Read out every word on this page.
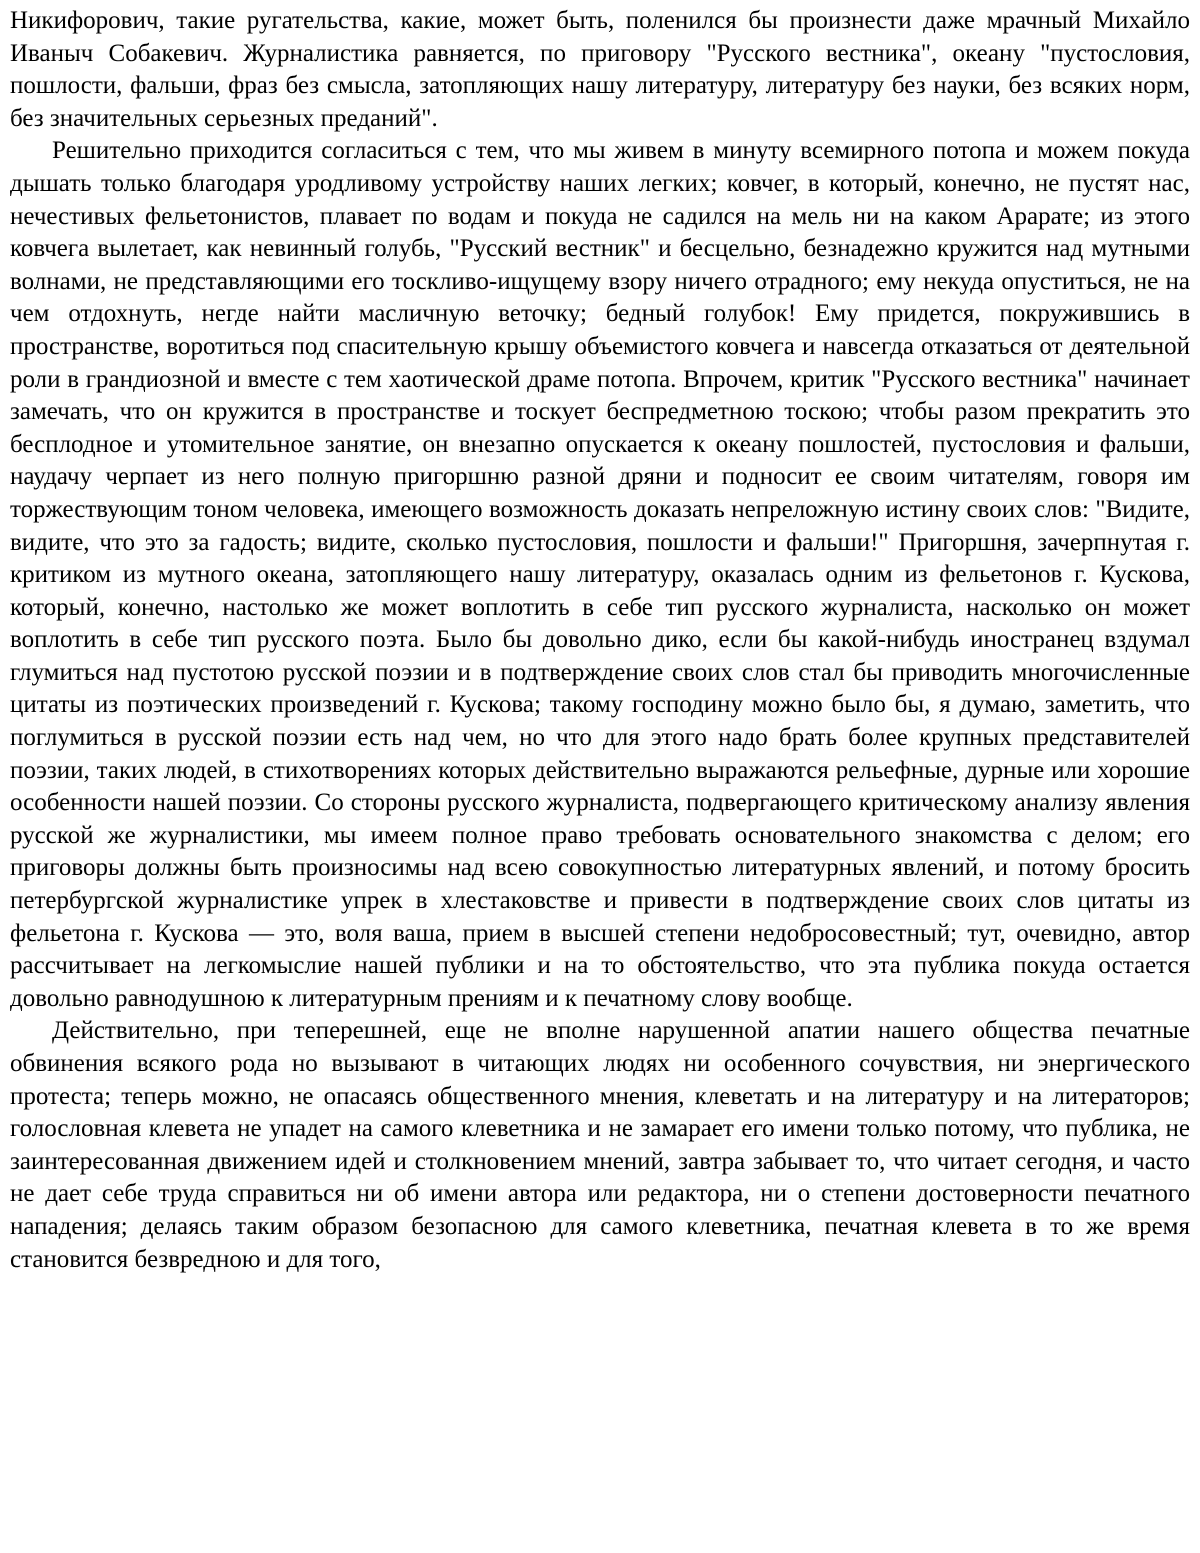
Никифорович, такие ругательства, какие, может быть, поленился бы произнести даже мрачный Михайло Иваныч Собакевич. Журналистика равняется, по приговору "Русского вестника", океану "пустословия, пошлости, фальши, фраз без смысла, затопляющих нашу литературу, литературу без науки, без всяких норм, без значительных серьезных преданий".

Решительно приходится согласиться с тем, что мы живем в минуту всемирного потопа и можем покуда дышать только благодаря уродливому устройству наших легких; ковчег, в который, конечно, не пустят нас, нечестивых фельетонистов, плавает по водам и покуда не садился на мель ни на каком Арарате; из этого ковчега вылетает, как невинный голубь, "Русский вестник" и бесцельно, безнадежно кружится над мутными волнами, не представляющими его тоскливо-ищущему взору ничего отрадного; ему некуда опуститься, не на чем отдохнуть, негде найти масличную веточку; бедный голубок! Ему придется, покружившись в пространстве, воротиться под спасительную крышу объемистого ковчега и навсегда отказаться от деятельной роли в грандиозной и вместе с тем хаотической драме потопа. Впрочем, критик "Русского вестника" начинает замечать, что он кружится в пространстве и тоскует беспредметною тоскою; чтобы разом прекратить это бесплодное и утомительное занятие, он внезапно опускается к океану пошлостей, пустословия и фальши, наудачу черпает из него полную пригоршню разной дряни и подносит ее своим читателям, говоря им торжествующим тоном человека, имеющего возможность доказать непреложную истину своих слов: "Видите, видите, что это за гадость; видите, сколько пустословия, пошлости и фальши!" Пригоршня, зачерпнутая г. критиком из мутного океана, затопляющего нашу литературу, оказалась одним из фельетонов г. Кускова, который, конечно, настолько же может воплотить в себе тип русского журналиста, насколько он может воплотить в себе тип русского поэта. Было бы довольно дико, если бы какой-нибудь иностранец вздумал глумиться над пустотою русской поэзии и в подтверждение своих слов стал бы приводить многочисленные цитаты из поэтических произведений г. Кускова; такому господину можно было бы, я думаю, заметить, что поглумиться в русской поэзии есть над чем, но что для этого надо брать более крупных представителей поэзии, таких людей, в стихотворениях которых действительно выражаются рельефные, дурные или хорошие особенности нашей поэзии. Со стороны русского журналиста, подвергающего критическому анализу явления русской же журналистики, мы имеем полное право требовать основательного знакомства с делом; его приговоры должны быть произносимы над всею совокупностью литературных явлений, и потому бросить петербургской журналистике упрек в хлестаковстве и привести в подтверждение своих слов цитаты из фельетона г. Кускова — это, воля ваша, прием в высшей степени недобросовестный; тут, очевидно, автор рассчитывает на легкомыслие нашей публики и на то обстоятельство, что эта публика покуда остается довольно равнодушною к литературным прениям и к печатному слову вообще.

Действительно, при теперешней, еще не вполне нарушенной апатии нашего общества печатные обвинения всякого рода но вызывают в читающих людях ни особенного сочувствия, ни энергического протеста; теперь можно, не опасаясь общественного мнения, клеветать и на литературу и на литераторов; голословная клевета не упадет на самого клеветника и не замарает его имени только потому, что публика, не заинтересованная движением идей и столкновением мнений, завтра забывает то, что читает сегодня, и часто не дает себе труда справиться ни об имени автора или редактора, ни о степени достоверности печатного нападения; делаясь таким образом безопасною для самого клеветника, печатная клевета в то же время становится безвредною и для того,
